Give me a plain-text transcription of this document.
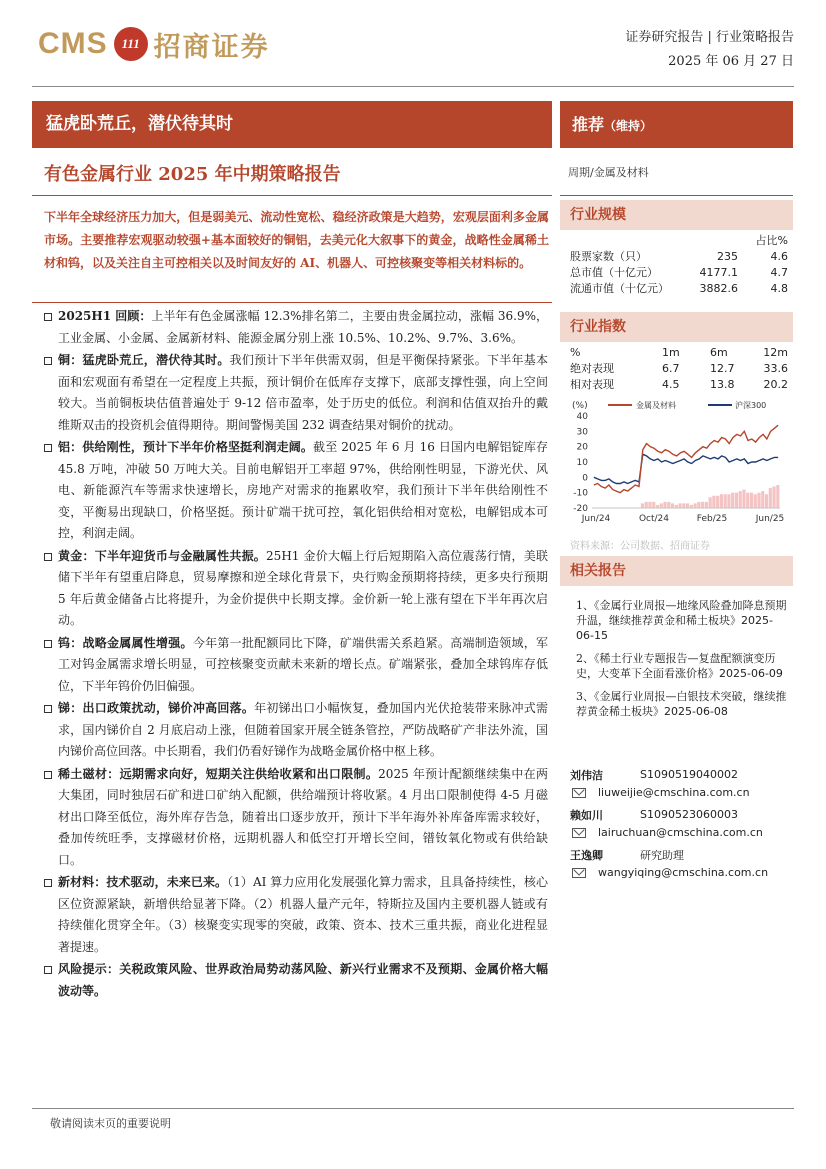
CMS	111 招商证券	证券研究报告 | 行业策略报告
2025 年 06 月 27 日
猛虎卧荒丘，潜伏待其时	推荐（维持）
有色金属行业 2025 年中期策略报告	周期/金属及材料
下半年全球经济压力加大，但是弱美元、流动性宽松、稳经济政策是大趋势，宏观层面利多金属市场。主要推荐宏观驱动较强+基本面较好的铜铝，去美元化大叙事下的黄金，战略性金属稀土材和钨，以及关注自主可控相关以及时间友好的 AI、机器人、可控核聚变等相关材料标的。
2025H1 回顾：上半年有色金属涨幅 12.3%排名第二，主要由贵金属拉动，涨幅 36.9%，工业金属、小金属、金属新材料、能源金属分别上涨 10.5%、10.2%、9.7%、3.6%。
铜：猛虎卧荒丘，潜伏待其时。我们预计下半年供需双弱，但是平衡保持紧张。下半年基本面和宏观面有希望在一定程度上共振，预计铜价在低库存支撑下，底部支撑性强，向上空间较大。当前铜板块估值普遍处于 9-12 倍市盈率，处于历史的低位。利润和估值双抬升的戴维斯双击的投资机会值得期待。期间警惕美国 232 调查结果对铜价的扰动。
铝：供给刚性，预计下半年价格坚挺利润走阔。截至 2025 年 6 月 16 日国内电解铝锭库存 45.8 万吨，冲破 50 万吨大关。目前电解铝开工率超 97%，供给刚性明显，下游光伏、风电、新能源汽车等需求快速增长，房地产对需求的拖累收窄，我们预计下半年供给刚性不变，平衡易出现缺口，价格坚挺。预计矿端干扰可控，氧化铝供给相对宽松，电解铝成本可控，利润走阔。
黄金：下半年迎货币与金融属性共振。25H1 金价大幅上行后短期陷入高位震荡行情，美联储下半年有望重启降息，贸易摩擦和逆全球化背景下，央行购金预期将持续，更多央行预期 5 年后黄金储备占比将提升，为金价提供中长期支撑。金价新一轮上涨有望在下半年再次启动。
钨：战略金属属性增强。今年第一批配额同比下降，矿端供需关系趋紧。高端制造领域，军工对钨金属需求增长明显，可控核聚变贡献未来新的增长点。矿端紧张，叠加全球钨库存低位，下半年钨价仍旧偏强。
锑：出口政策扰动，锑价冲高回落。年初锑出口小幅恢复，叠加国内光伏抢装带来脉冲式需求，国内锑价自 2 月底启动上涨，但随着国家开展全链条管控，严防战略矿产非法外流，国内锑价高位回落。中长期看，我们仍看好锑作为战略金属价格中枢上移。
稀土磁材：远期需求向好，短期关注供给收紧和出口限制。2025 年预计配额继续集中在两大集团，同时独居石矿和进口矿纳入配额，供给端预计将收紧。4 月出口限制使得 4-5 月磁材出口降至低位，海外库存告急，随着出口逐步放开，预计下半年海外补库备库需求较好，叠加传统旺季，支撑磁材价格，远期机器人和低空打开增长空间，镨钕氧化物或有供给缺口。
新材料：技术驱动，未来已来。（1）AI 算力应用化发展强化算力需求，且具备持续性，核心区位资源紧缺，新增供给显著下降。（2）机器人量产元年，特斯拉及国内主要机器人链或有持续催化贯穿全年。（3）核聚变实现零的突破，政策、资本、技术三重共振，商业化进程显著提速。
风险提示：关税政策风险、世界政治局势动荡风险、新兴行业需求不及预期、金属价格大幅波动等。
行业规模
		占比%
股票家数（只）	235	4.6
总市值（十亿元）	4177.1	4.7
流通市值（十亿元）	3882.6	4.8
行业指数
%	1m	6m	12m
绝对表现	6.7	12.7	33.6
相对表现	4.5	13.8	20.2
(%)	金属及材料	沪深300
40
30
20
10
0
-10
-20
Jun/24	Oct/24	Feb/25	Jun/25
资料来源：公司数据、招商证券
相关报告
1、《金属行业周报—地缘风险叠加降息预期升温，继续推荐黄金和稀土板块》2025-06-15
2、《稀土行业专题报告—复盘配额演变历史，大变革下全面看涨价格》2025-06-09
3、《金属行业周报—白银技术突破，继续推荐黄金稀土板块》2025-06-08
刘伟洁	S1090519040002
liuweijie@cmschina.com.cn
赖如川	S1090523060003
lairuchuan@cmschina.com.cn
王逸卿	研究助理
wangyiqing@cmschina.com.cn
敬请阅读末页的重要说明
